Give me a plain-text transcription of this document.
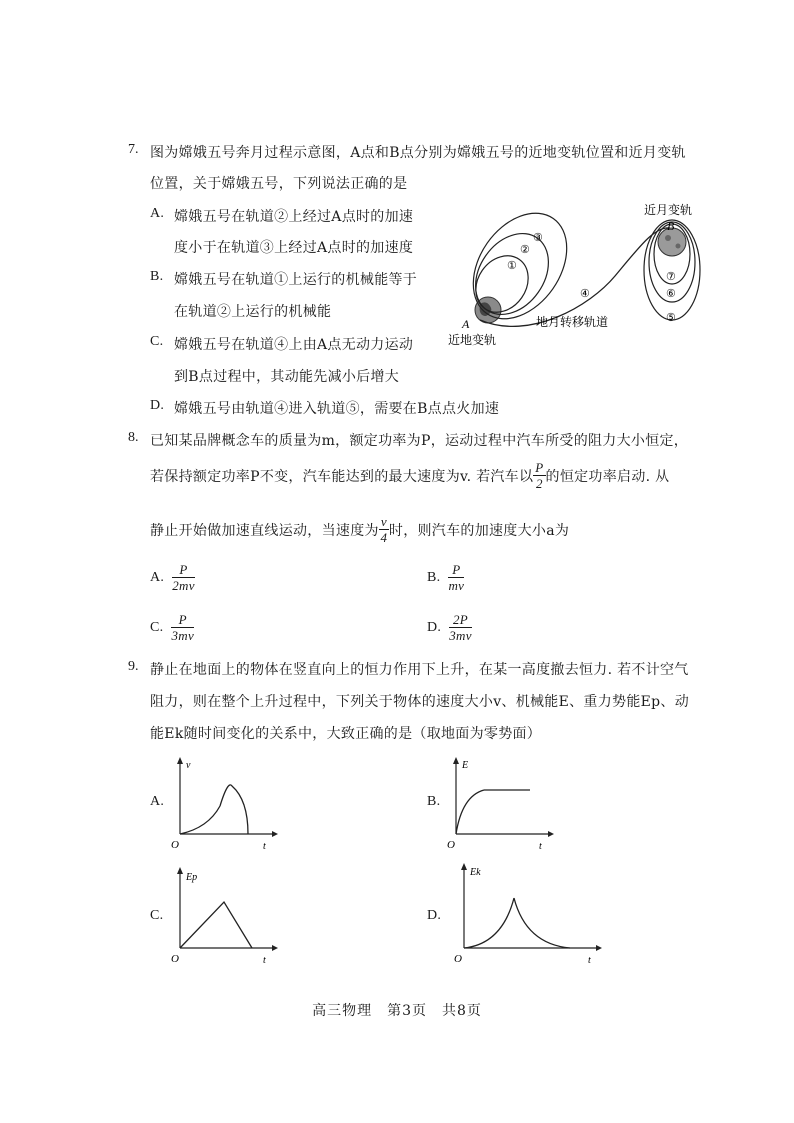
7. 图为嫦娥五号奔月过程示意图，A点和B点分别为嫦娥五号的近地变轨位置和近月变轨
位置，关于嫦娥五号，下列说法正确的是
A. 嫦娥五号在轨道②上经过A点时的加速
度小于在轨道③上经过A点时的加速度
B. 嫦娥五号在轨道①上运行的机械能等于
在轨道②上运行的机械能
C. 嫦娥五号在轨道④上由A点无动力运动
到B点过程中，其动能先减小后增大
D. 嫦娥五号由轨道④进入轨道⑤，需要在B点点火加速
近月变轨
B
A
近地变轨
地月转移轨道
①
②
③
④
⑤
⑥
⑦
8. 已知某品牌概念车的质量为m，额定功率为P，运动过程中汽车所受的阻力大小恒定，
若保持额定功率P不变，汽车能达到的最大速度为v. 若汽车以 $\frac{P}{2}$ 的恒定功率启动. 从
静止开始做加速直线运动，当速度为 $\frac{v}{4}$ 时，则汽车的加速度大小a为
A. $\frac{P}{2mv}$	B. $\frac{P}{mv}$
C. $\frac{P}{3mv}$	D. $\frac{2P}{3mv}$
9. 静止在地面上的物体在竖直向上的恒力作用下上升，在某一高度撤去恒力. 若不计空气
阻力，则在整个上升过程中，下列关于物体的速度大小v、机械能E、重力势能Ep、动
能Ek随时间变化的关系中，大致正确的是（取地面为零势面）
A.
v
O	t
B.
E
O	t
C.
Ep
O	t
D.
Ek
O	t
高三物理　第3页　共8页
